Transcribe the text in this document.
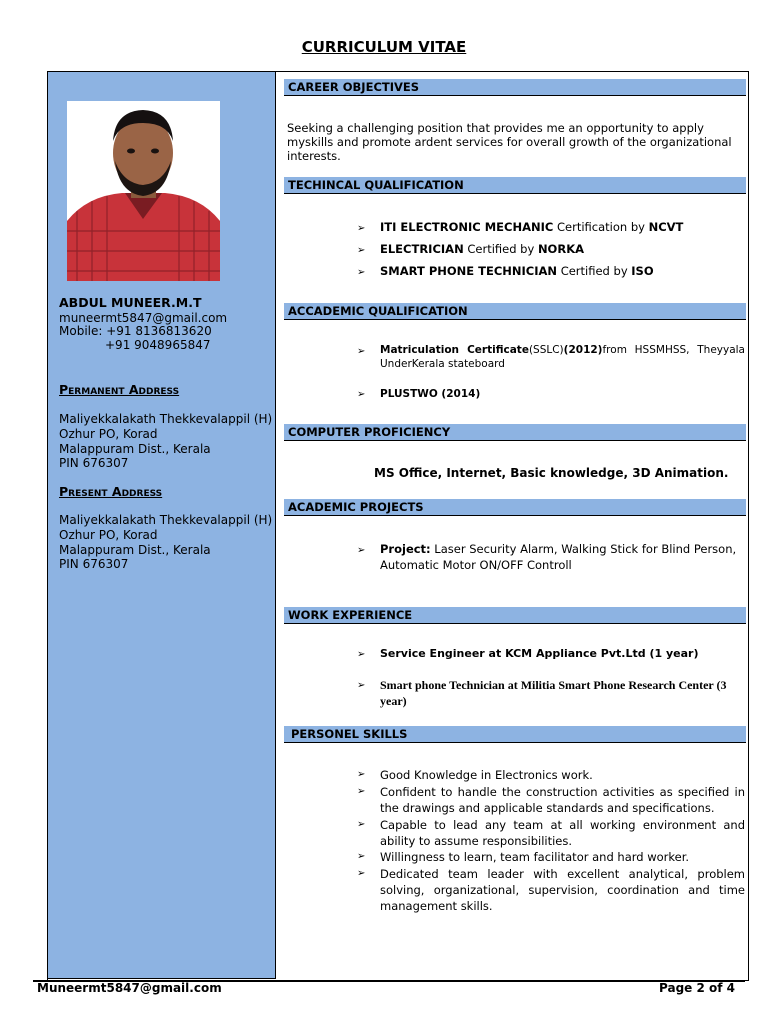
CURRICULUM VITAE
ABDUL MUNEER.M.T
muneermt5847@gmail.com
Mobile: +91 8136813620
+91 9048965847
Permanent Address
Maliyekkalakath Thekkevalappil (H)
Ozhur PO, Korad
Malappuram Dist., Kerala
PIN 676307
Present Address
Maliyekkalakath Thekkevalappil (H)
Ozhur PO, Korad
Malappuram Dist., Kerala
PIN 676307
CAREER OBJECTIVES
Seeking a challenging position that provides me an opportunity to apply myskills and promote ardent services for overall growth of the organizational interests.
TECHINCAL QUALIFICATION
➢ ITI ELECTRONIC MECHANIC Certification by NCVT
➢ ELECTRICIAN Certified by NORKA
➢ SMART PHONE TECHNICIAN Certified by ISO
ACCADEMIC QUALIFICATION
➢ Matriculation Certificate(SSLC)(2012)from HSSMHSS, Theyyala UnderKerala stateboard
➢ PLUSTWO (2014)
COMPUTER PROFICIENCY
MS Office, Internet, Basic knowledge, 3D Animation.
ACADEMIC PROJECTS
➢ Project: Laser Security Alarm, Walking Stick for Blind Person, Automatic Motor ON/OFF Controll
WORK EXPERIENCE
➢ Service Engineer at KCM Appliance Pvt.Ltd (1 year)
➢ Smart phone Technician at Militia Smart Phone Research Center (3 year)
PERSONEL SKILLS
➢ Good Knowledge in Electronics work.
➢ Confident to handle the construction activities as specified in the drawings and applicable standards and specifications.
➢ Capable to lead any team at all working environment and ability to assume responsibilities.
➢ Willingness to learn, team facilitator and hard worker.
➢ Dedicated team leader with excellent analytical, problem solving, organizational, supervision, coordination and time management skills.
Muneermt5847@gmail.com	Page 2 of 4
